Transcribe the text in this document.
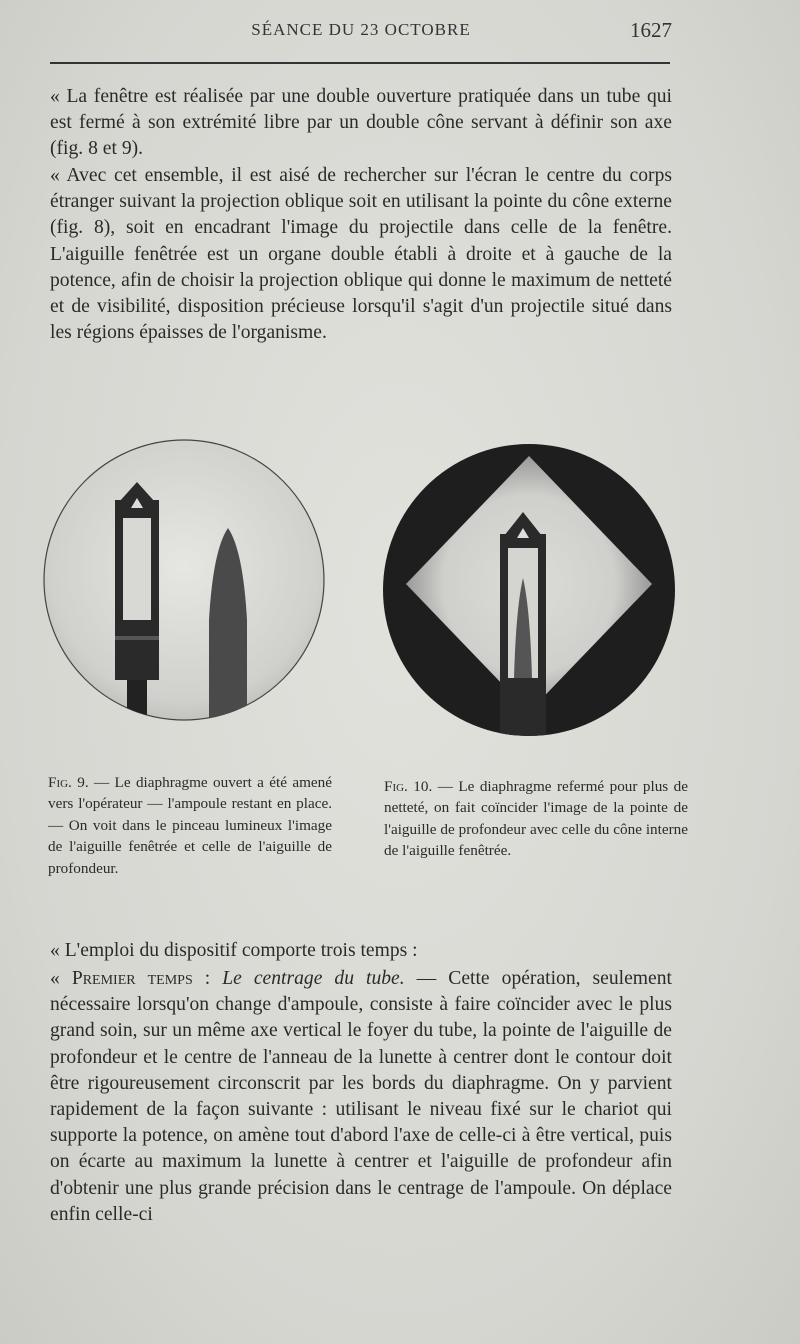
SÉANCE DU 23 OCTOBRE	1627
« La fenêtre est réalisée par une double ouverture pratiquée dans un tube qui est fermé à son extrémité libre par un double cône servant à définir son axe (fig. 8 et 9).
« Avec cet ensemble, il est aisé de rechercher sur l'écran le centre du corps étranger suivant la projection oblique soit en utilisant la pointe du cône externe (fig. 8), soit en encadrant l'image du projectile dans celle de la fenêtre. L'aiguille fenêtrée est un organe double établi à droite et à gauche de la potence, afin de choisir la projection oblique qui donne le maximum de netteté et de visibilité, disposition précieuse lorsqu'il s'agit d'un projectile situé dans les régions épaisses de l'organisme.
Fig. 9. — Le diaphragme ouvert a été amené vers l'opérateur — l'ampoule restant en place. — On voit dans le pinceau lumineux l'image de l'aiguille fenêtrée et celle de l'aiguille de profondeur.
Fig. 10. — Le diaphragme refermé pour plus de netteté, on fait coïncider l'image de la pointe de l'aiguille de profondeur avec celle du cône interne de l'aiguille fenêtrée.
« L'emploi du dispositif comporte trois temps :
« Premier temps : Le centrage du tube. — Cette opération, seulement nécessaire lorsqu'on change d'ampoule, consiste à faire coïncider avec le plus grand soin, sur un même axe vertical le foyer du tube, la pointe de l'aiguille de profondeur et le centre de l'anneau de la lunette à centrer dont le contour doit être rigoureusement circonscrit par les bords du diaphragme. On y parvient rapidement de la façon suivante : utilisant le niveau fixé sur le chariot qui supporte la potence, on amène tout d'abord l'axe de celle-ci à être vertical, puis on écarte au maximum la lunette à centrer et l'aiguille de profondeur afin d'obtenir une plus grande précision dans le centrage de l'ampoule. On déplace enfin celle-ci
